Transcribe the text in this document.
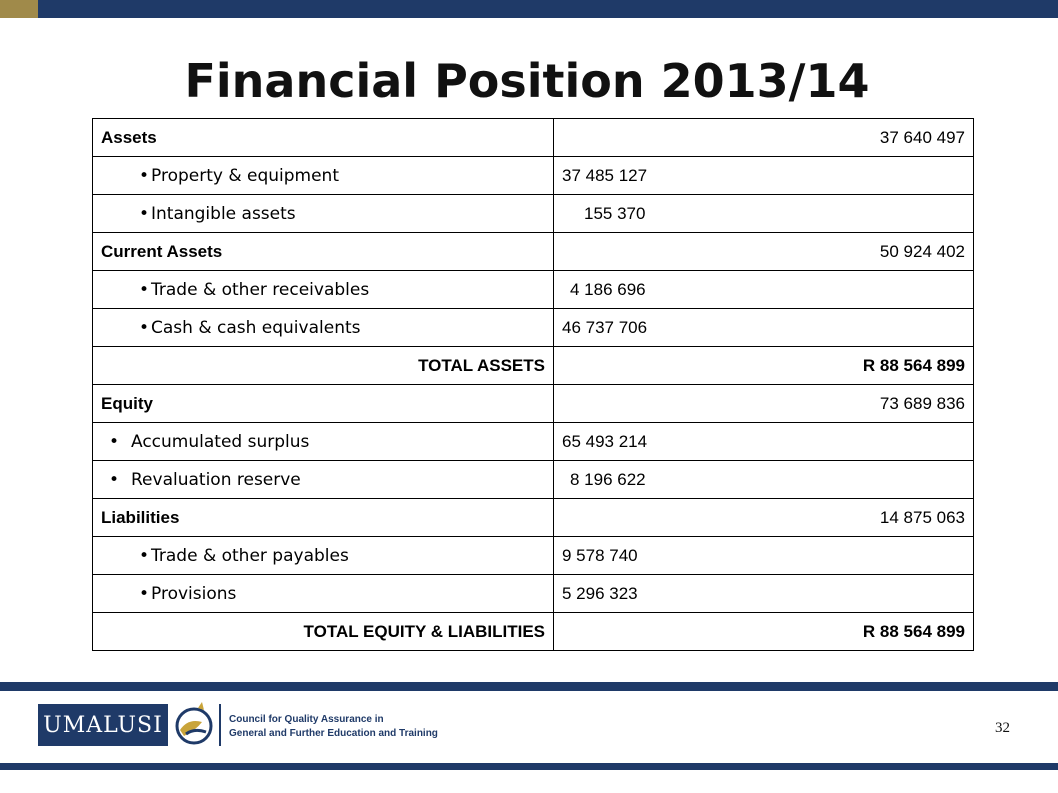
Financial Position 2013/14
Assets	37 640 497
• Property & equipment	37 485 127
• Intangible assets	155 370
Current Assets	50 924 402
• Trade & other receivables	4 186 696
• Cash & cash equivalents	46 737 706
TOTAL ASSETS	R 88 564 899
Equity	73 689 836
• Accumulated surplus	65 493 214
• Revaluation reserve	8 196 622
Liabilities	14 875 063
• Trade & other payables	9 578 740
• Provisions	5 296 323
TOTAL EQUITY & LIABILITIES	R 88 564 899
UMALUSI	Council for Quality Assurance in
General and Further Education and Training	32
